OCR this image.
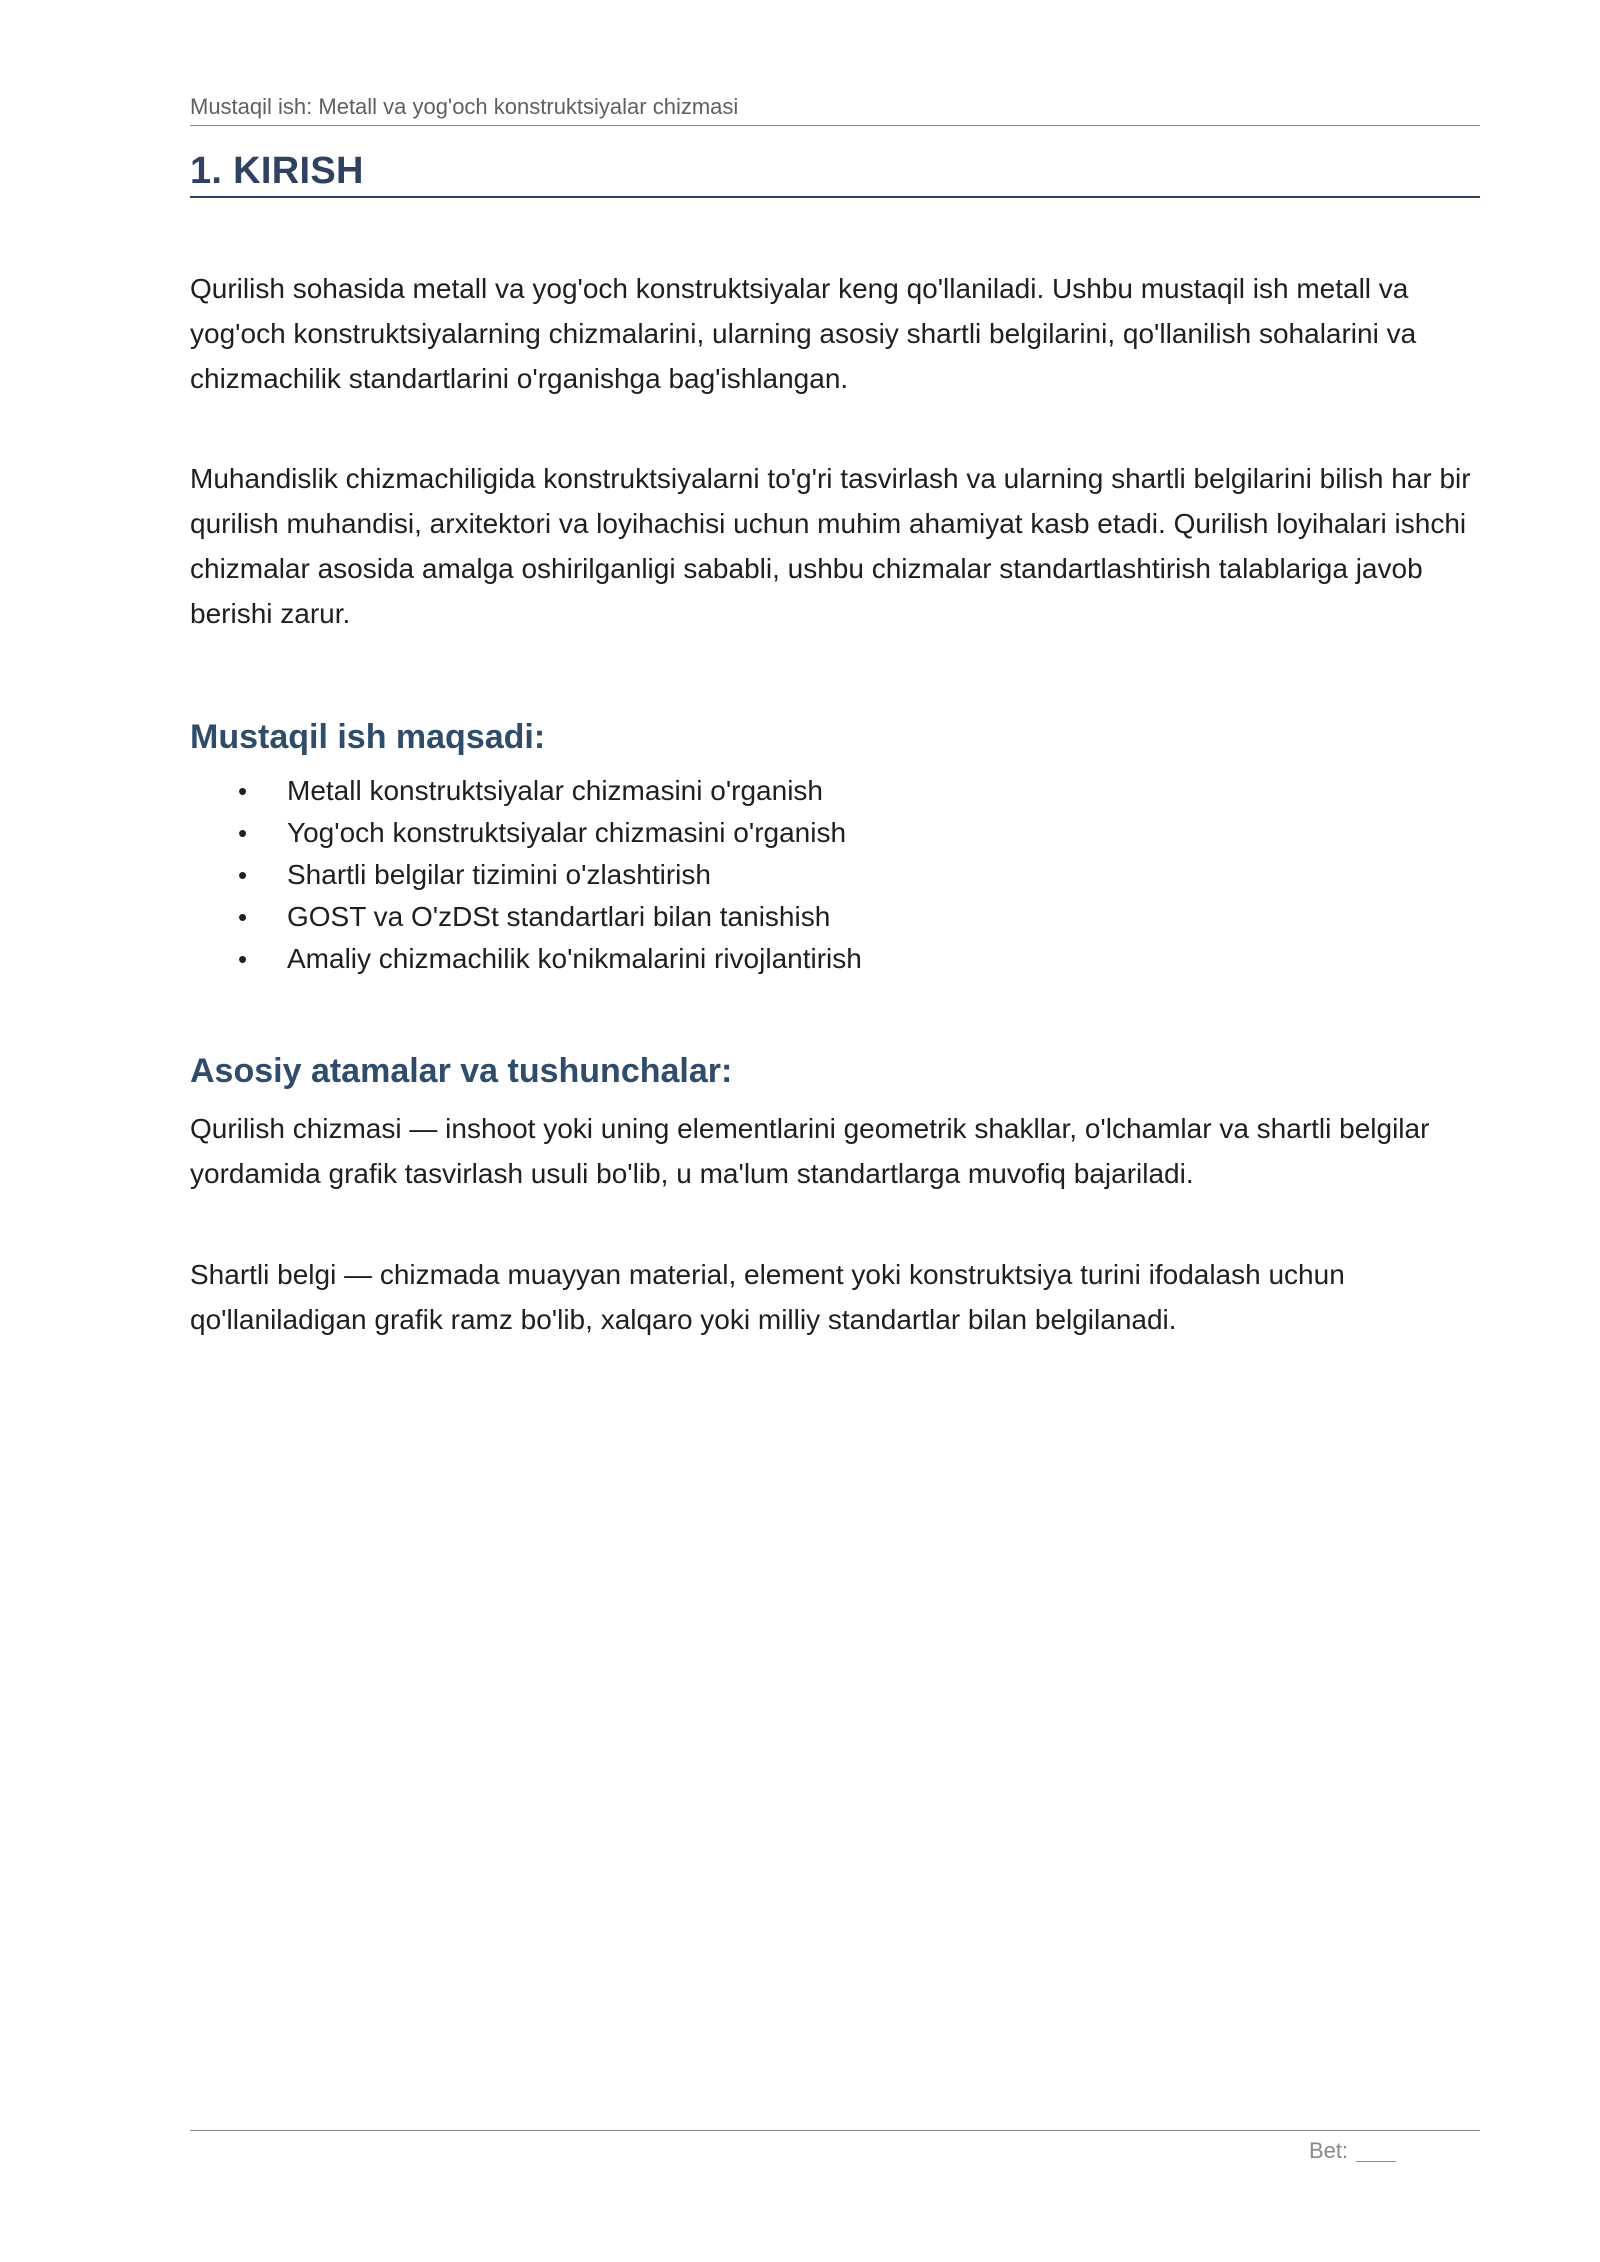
Mustaqil ish: Metall va yog'och konstruktsiyalar chizmasi
1. KIRISH

Qurilish sohasida metall va yog'och konstruktsiyalar keng qo'llaniladi. Ushbu mustaqil ish metall va yog'och konstruktsiyalarning chizmalarini, ularning asosiy shartli belgilarini, qo'llanilish sohalarini va chizmachilik standartlarini o'rganishga bag'ishlangan.

Muhandislik chizmachiligida konstruktsiyalarni to'g'ri tasvirlash va ularning shartli belgilarini bilish har bir qurilish muhandisi, arxitektori va loyihachisi uchun muhim ahamiyat kasb etadi. Qurilish loyihalari ishchi chizmalar asosida amalga oshirilganligi sababli, ushbu chizmalar standartlashtirish talablariga javob berishi zarur.

Mustaqil ish maqsadi:
• Metall konstruktsiyalar chizmasini o'rganish
• Yog'och konstruktsiyalar chizmasini o'rganish
• Shartli belgilar tizimini o'zlashtirish
• GOST va O'zDSt standartlari bilan tanishish
• Amaliy chizmachilik ko'nikmalarini rivojlantirish
Asosiy atamalar va tushunchalar:

Qurilish chizmasi — inshoot yoki uning elementlarini geometrik shakllar, o'lchamlar va shartli belgilar yordamida grafik tasvirlash usuli bo'lib, u ma'lum standartlarga muvofiq bajariladi.

Shartli belgi — chizmada muayyan material, element yoki konstruktsiya turini ifodalash uchun qo'llaniladigan grafik ramz bo'lib, xalqaro yoki milliy standartlar bilan belgilanadi.

Bet:
